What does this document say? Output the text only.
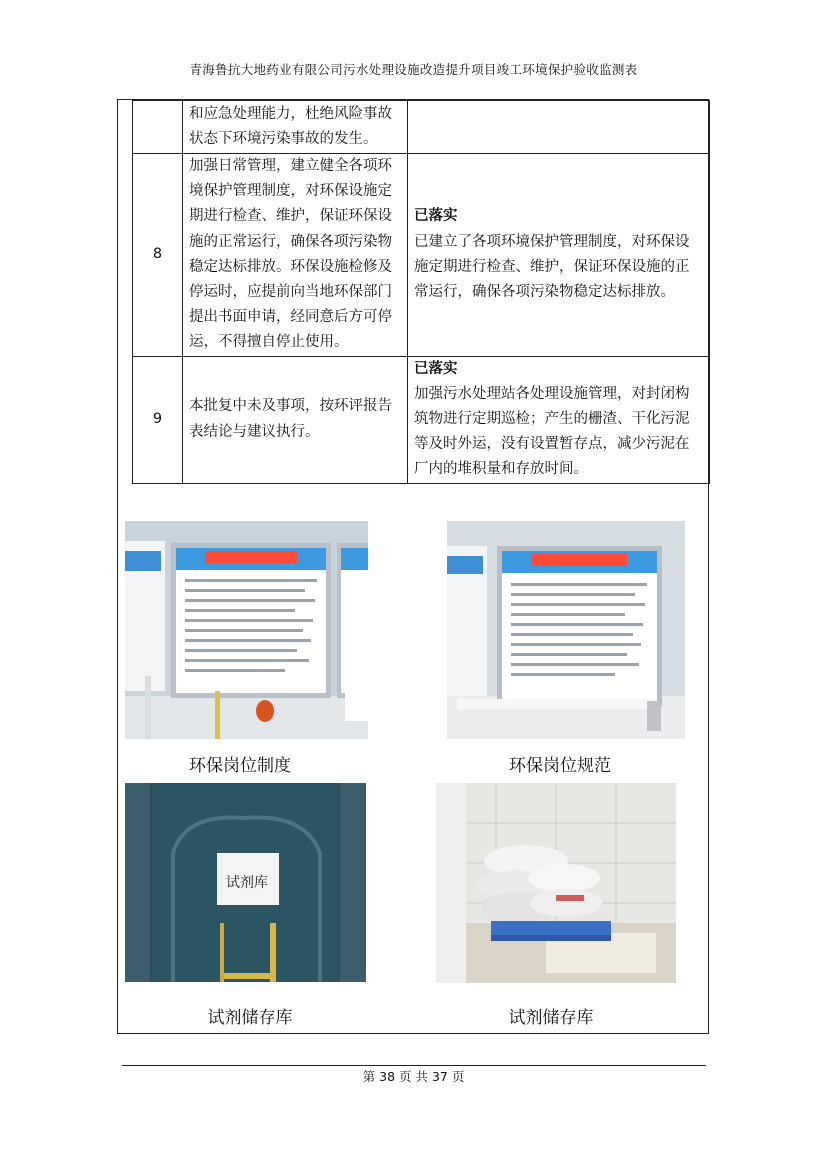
青海鲁抗大地药业有限公司污水处理设施改造提升项目竣工环境保护验收监测表
	和应急处理能力，杜绝风险事故状态下环境污染事故的发生。	
8	加强日常管理，建立健全各项环境保护管理制度，对环保设施定期进行检查、维护，保证环保设施的正常运行，确保各项污染物稳定达标排放。环保设施检修及停运时，应提前向当地环保部门提出书面申请，经同意后方可停运，不得擅自停止使用。	已落实
已建立了各项环境保护管理制度，对环保设施定期进行检查、维护，保证环保设施的正常运行，确保各项污染物稳定达标排放。

9	本批复中未及事项，按环评报告表结论与建议执行。	已落实
加强污水处理站各处理设施管理，对封闭构筑物进行定期巡检；产生的栅渣、干化污泥等及时外运，没有设置暂存点，减少污泥在厂内的堆积量和存放时间。
环保岗位制度	环保岗位规范
试剂库
试剂储存库	试剂储存库
第 38 页 共 37 页
